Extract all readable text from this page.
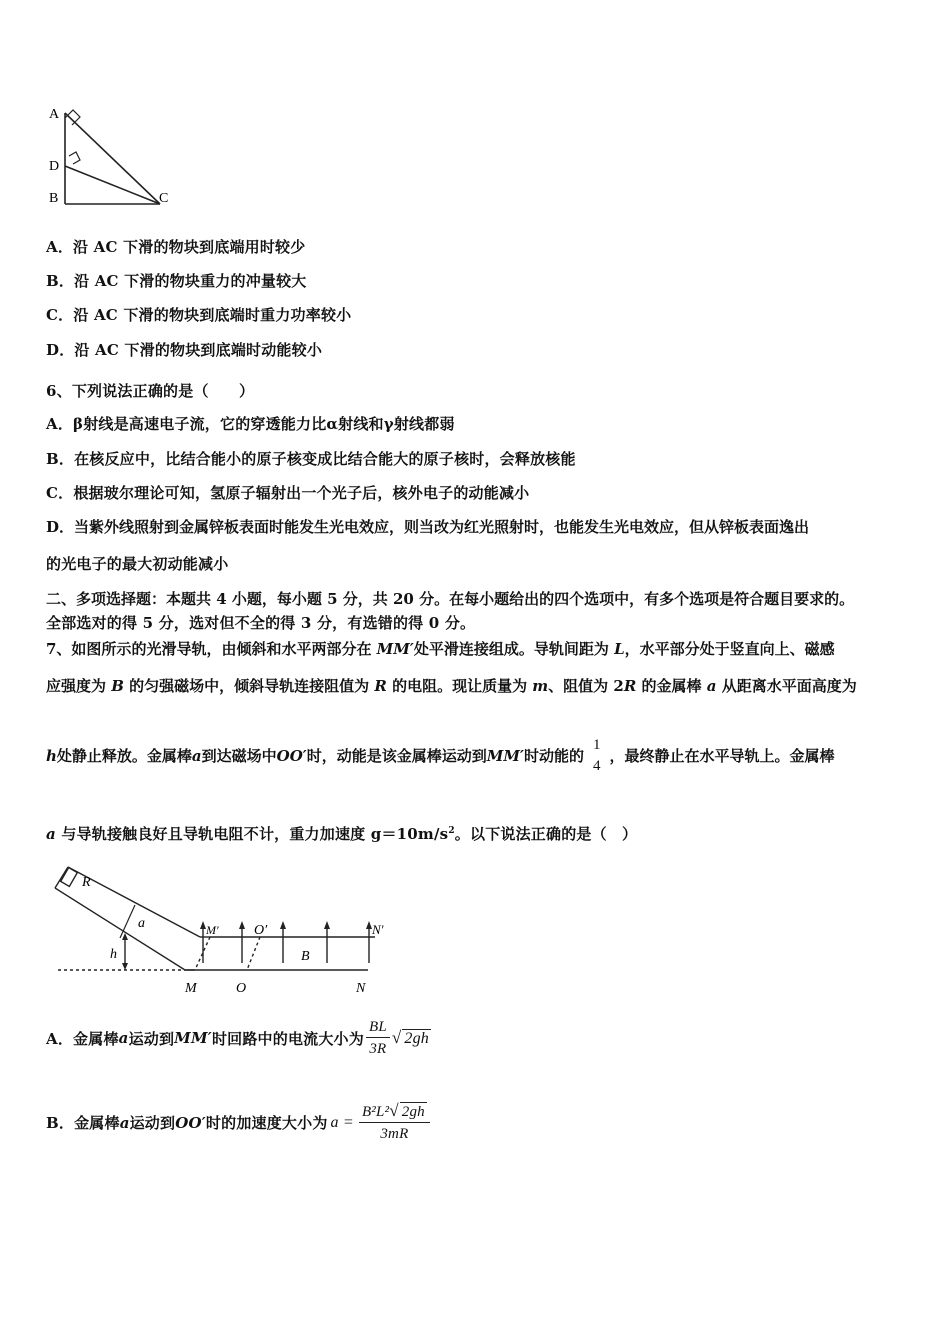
A
D
B	C
A．沿 AC 下滑的物块到底端用时较少
B．沿 AC 下滑的物块重力的冲量较大
C．沿 AC 下滑的物块到底端时重力功率较小
D．沿 AC 下滑的物块到底端时动能较小
6、下列说法正确的是（　　）
A．β射线是高速电子流，它的穿透能力比α射线和γ射线都弱
B．在核反应中，比结合能小的原子核变成比结合能大的原子核时，会释放核能
C．根据玻尔理论可知，氢原子辐射出一个光子后，核外电子的动能减小
D．当紫外线照射到金属锌板表面时能发生光电效应，则当改为红光照射时，也能发生光电效应，但从锌板表面逸出
的光电子的最大初动能减小
二、多项选择题：本题共 4 小题，每小题 5 分，共 20 分。在每小题给出的四个选项中，有多个选项是符合题目要求的。
全部选对的得 5 分，选对但不全的得 3 分，有选错的得 0 分。
7、如图所示的光滑导轨，由倾斜和水平两部分在 MM′处平滑连接组成。导轨间距为 L，水平部分处于竖直向上、磁感
应强度为 B 的匀强磁场中，倾斜导轨连接阻值为 R 的电阻。现让质量为 m、阻值为 2R 的金属棒 a 从距离水平面高度为
h 处静止释放。金属棒 a 到达磁场中 OO′ 时，动能是该金属棒运动到 MM′ 时动能的
1
4
，最终静止在水平导轨上。金属棒
a 与导轨接触良好且导轨电阻不计，重力加速度 $g=10m/s^2$。以下说法正确的是（　）
R
a
h
M′	O′	N′
B
M	O	N
A．金属棒 a 运动到 MM′ 时回路中的电流大小为 $\frac{BL}{3R}$ √ 2gh
B．金属棒 a 运动到 OO′ 时的加速度大小为 $a = \frac{\text{B²L²√ 2gh}}{3mR}$
